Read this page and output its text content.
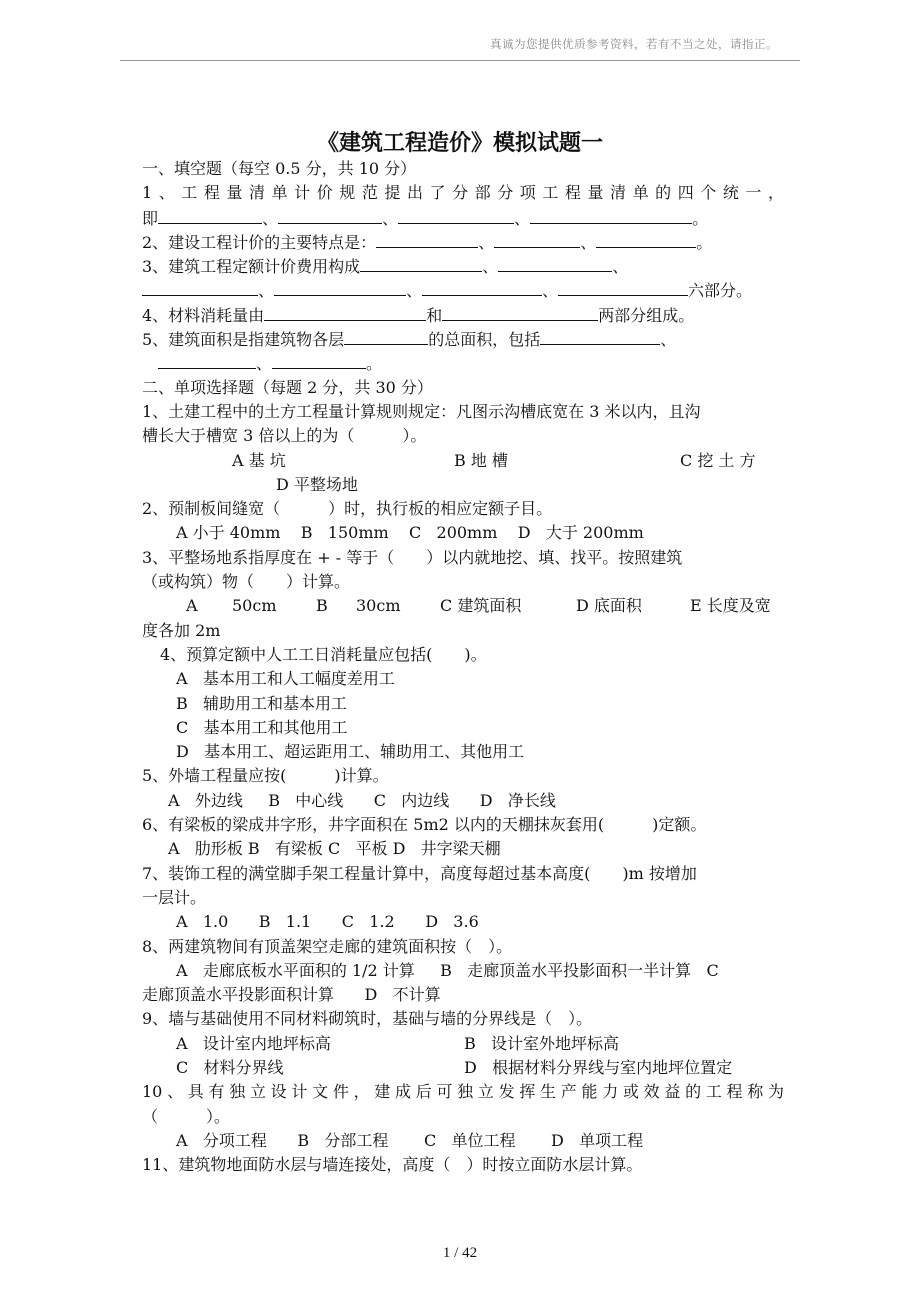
真诚为您提供优质参考资料，若有不当之处，请指正。
《建筑工程造价》模拟试题一
一、填空题（每空 0.5 分，共 10 分）
1、工程量清单计价规范提出了分部分项工程量清单的四个统一，
即	、	、	、	。
2、建设工程计价的主要特点是：	、	、	。
3、建筑工程定额计价费用构成	、	、
、	、	、	六部分。
4、材料消耗量由	和	两部分组成。
5、建筑面积是指建筑物各层	的总面积，包括	、
、	。
二、单项选择题（每题 2 分，共 30 分）
1、土建工程中的土方工程量计算规则规定：凡图示沟槽底宽在 3 米以内，且沟
槽长大于槽宽 3 倍以上的为（　　　）。
A 基 坑	B 地 槽	C 挖 土 方
D 平整场地
2、预制板间缝宽（　　　）时，执行板的相应定额子目。
A 小于 40mm    B   150mm    C   200mm    D   大于 200mm
3、平整场地系指厚度在 + - 等于（　　）以内就地挖、填、找平。按照建筑
（或构筑）物（　　）计算。
A 50cm B 30cm C 建筑面积	D 底面积	E 长度及宽
度各加 2m
4、预算定额中人工工日消耗量应包括(　　)。
A   基本用工和人工幅度差用工
B   辅助用工和基本用工
C   基本用工和其他用工
D   基本用工、超运距用工、辅助用工、其他用工
5、外墙工程量应按(　　　)计算。
A   外边线     B   中心线      C   内边线      D   净长线
6、有梁板的梁成井字形，井字面积在 5m2 以内的天棚抹灰套用(　　　)定额。
A   肋形板 B   有梁板 C   平板 D   井字梁天棚
7、装饰工程的满堂脚手架工程量计算中，高度每超过基本高度(　　)m 按增加
一层计。
A   1.0      B   1.1      C   1.2      D   3.6
8、两建筑物间有顶盖架空走廊的建筑面积按（　）。
A   走廊底板水平面积的 1/2 计算     B   走廊顶盖水平投影面积一半计算   C
走廊顶盖水平投影面积计算      D   不计算
9、墙与基础使用不同材料砌筑时，基础与墙的分界线是（　）。
A   设计室内地坪标高	B   设计室外地坪标高
C   材料分界线	D   根据材料分界线与室内地坪位置定
10、具有独立设计文件，建成后可独立发挥生产能力或效益的工程称为
（　　　）。
A   分项工程      B   分部工程       C   单位工程       D   单项工程
11、建筑物地面防水层与墙连接处，高度（　）时按立面防水层计算。
1 / 42
